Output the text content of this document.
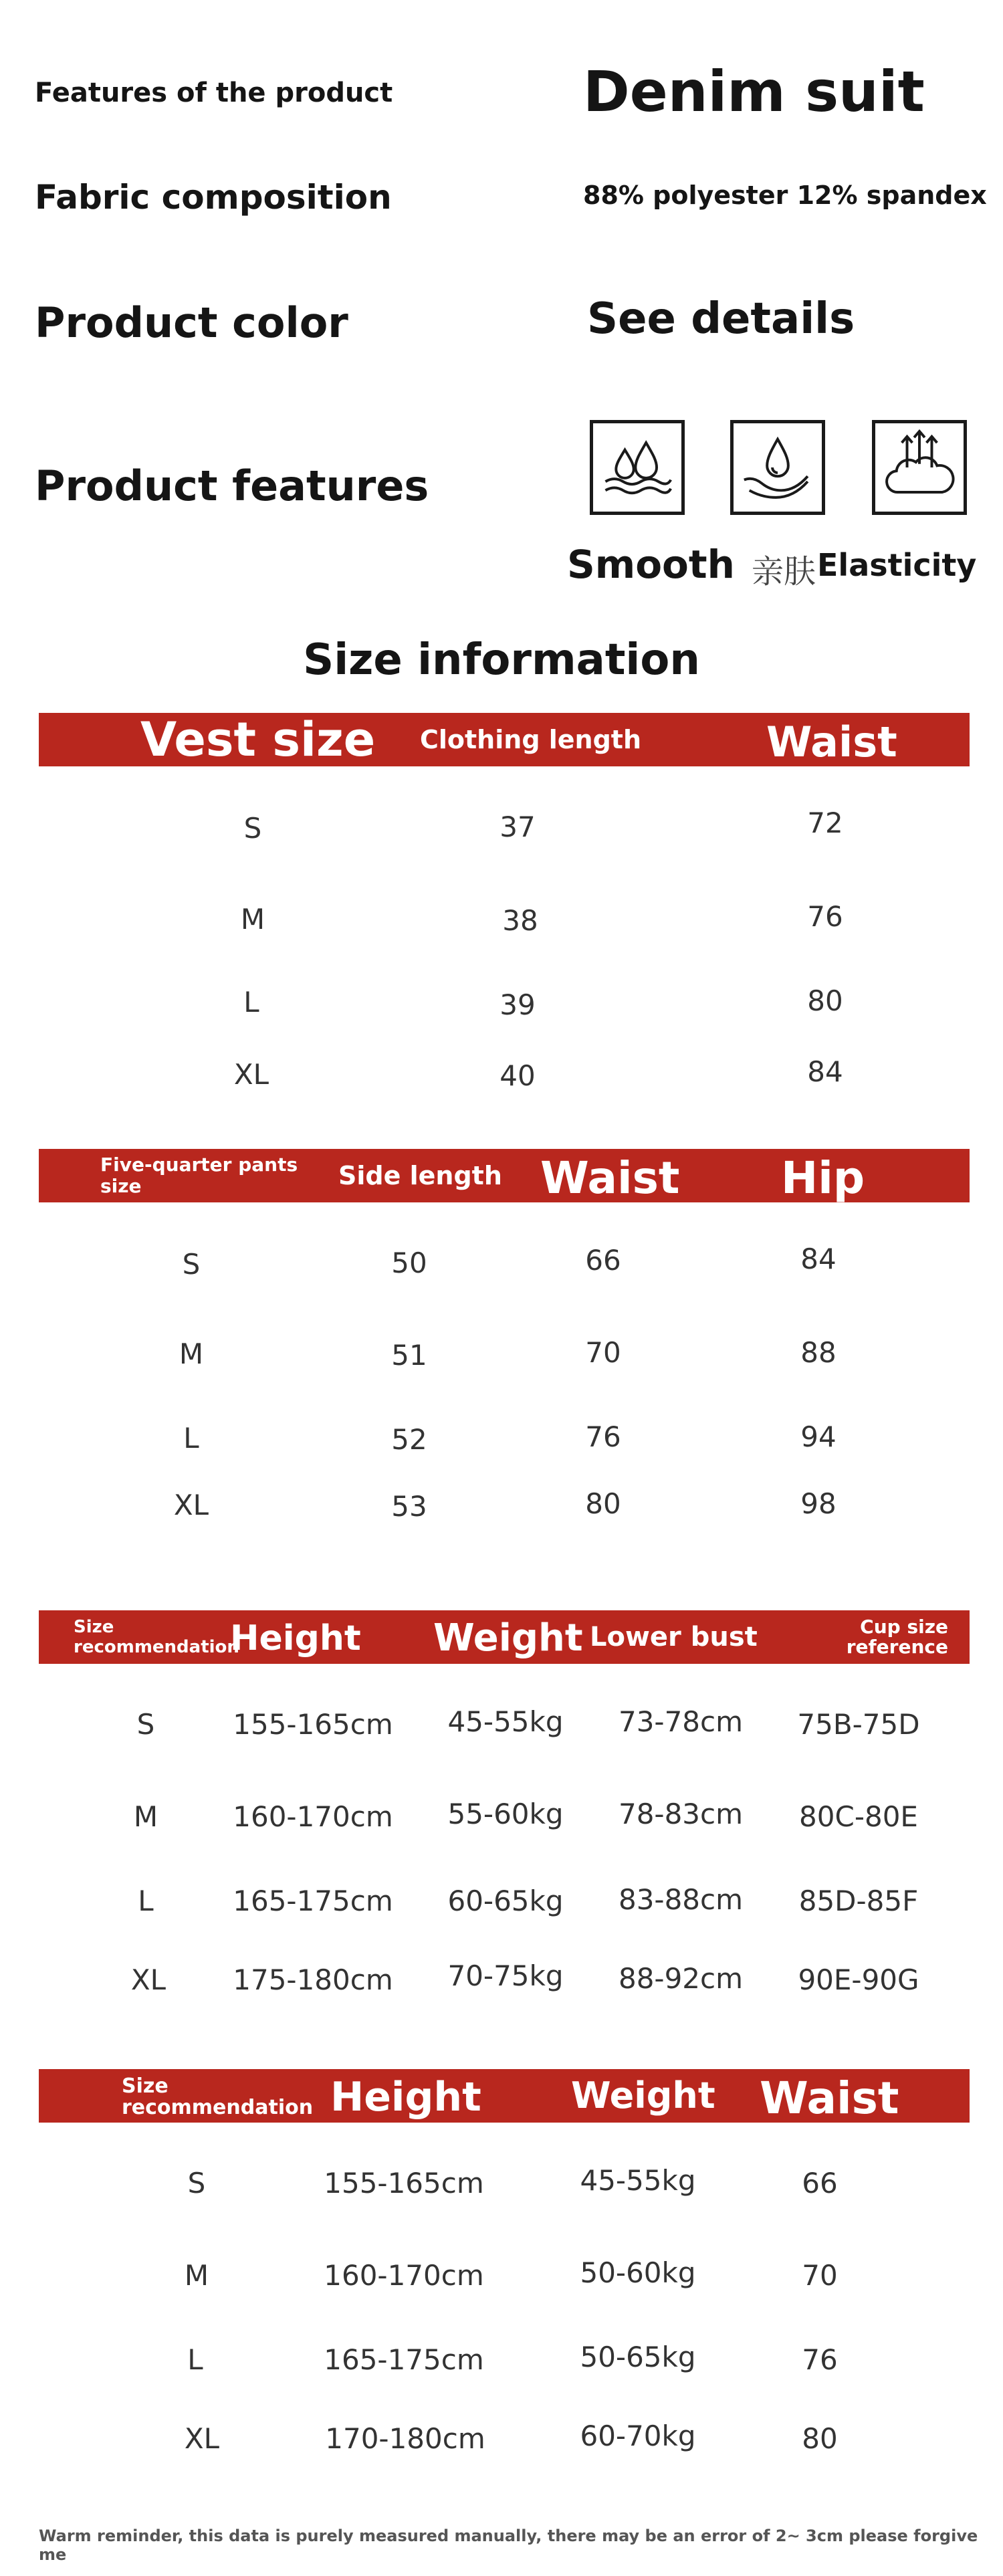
Features of the product	Denim suit
Fabric composition	88% polyester 12% spandex
Product color	See details
Product features
Smooth 亲肤 Elasticity
Size information
Vest size Clothing length	Waist
S	37	72
M	38	76
L	39	80
XL	40	84
Five-quarter pants size	Side length Waist Hip
S	50	66	84
M	51	70	88
L	52	76	94
XL	53	80	98
Size recommendation
Height Weight Lower bust	Cup size reference
S	155-165cm 45-55kg 73-78cm 75B-75D
M	160-170cm 55-60kg 78-83cm 80C-80E
L	165-175cm 60-65kg 83-88cm 85D-85F
XL 175-180cm 70-75kg 88-92cm 90E-90G
Size recommendation Height Weight Waist
S	155-165cm	45-55kg	66
M	160-170cm	50-60kg	70
L	165-175cm	50-65kg	76
XL	170-180cm	60-70kg	80
Warm reminder, this data is purely measured manually, there may be an error of 2~ 3cm please forgive me
